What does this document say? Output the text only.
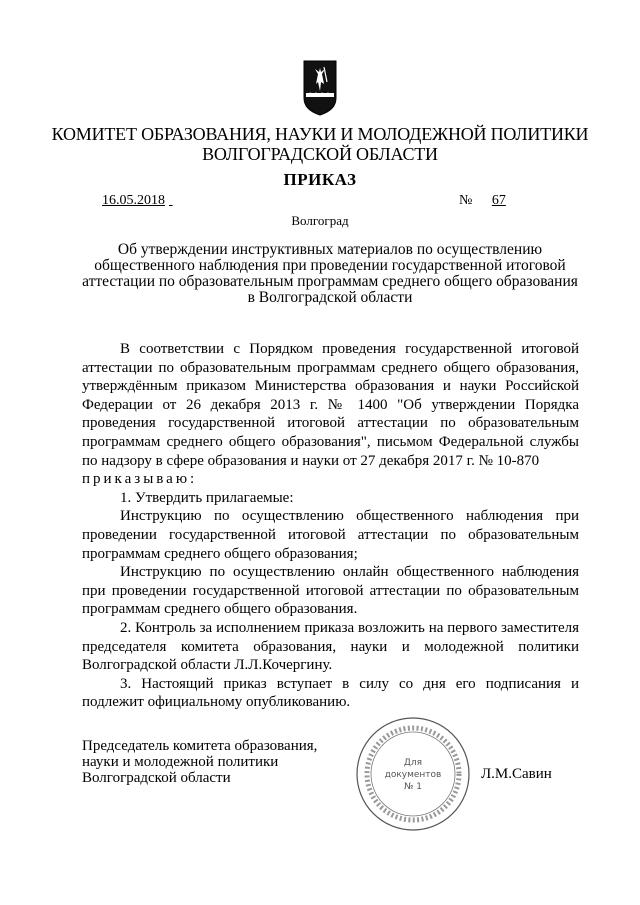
КОМИТЕТ ОБРАЗОВАНИЯ, НАУКИ И МОЛОДЕЖНОЙ ПОЛИТИКИ
ВОЛГОГРАДСКОЙ ОБЛАСТИ
ПРИКАЗ
16.05.2018	№ 67
Волгоград
Об утверждении инструктивных материалов по осуществлению
общественного наблюдения при проведении государственной итоговой
аттестации по образовательным программам среднего общего образования
в Волгоградской области

В соответствии с Порядком проведения государственной итоговой аттестации по образовательным программам среднего общего образования, утверждённым приказом Министерства образования и науки Российской Федерации от 26 декабря 2013 г. № 1400 "Об утверждении Порядка проведения государственной итоговой аттестации по образовательным программам среднего общего образования", письмом Федеральной службы по надзору в сфере образования и науки от 27 декабря 2017 г. № 10-870

приказываю:

1. Утвердить прилагаемые:

Инструкцию по осуществлению общественного наблюдения при проведении государственной итоговой аттестации по образовательным программам среднего общего образования;

Инструкцию по осуществлению онлайн общественного наблюдения при проведении государственной итоговой аттестации по образовательным программам среднего общего образования.

2. Контроль за исполнением приказа возложить на первого заместителя председателя комитета образования, науки и молодежной политики Волгоградской области Л.Л.Кочергину.

3. Настоящий приказ вступает в силу со дня его подписания и подлежит официальному опубликованию.

Председатель комитета образования,
науки и молодежной политики
Волгоградской области
Для
документов
№ 1
Л.М.Савин
